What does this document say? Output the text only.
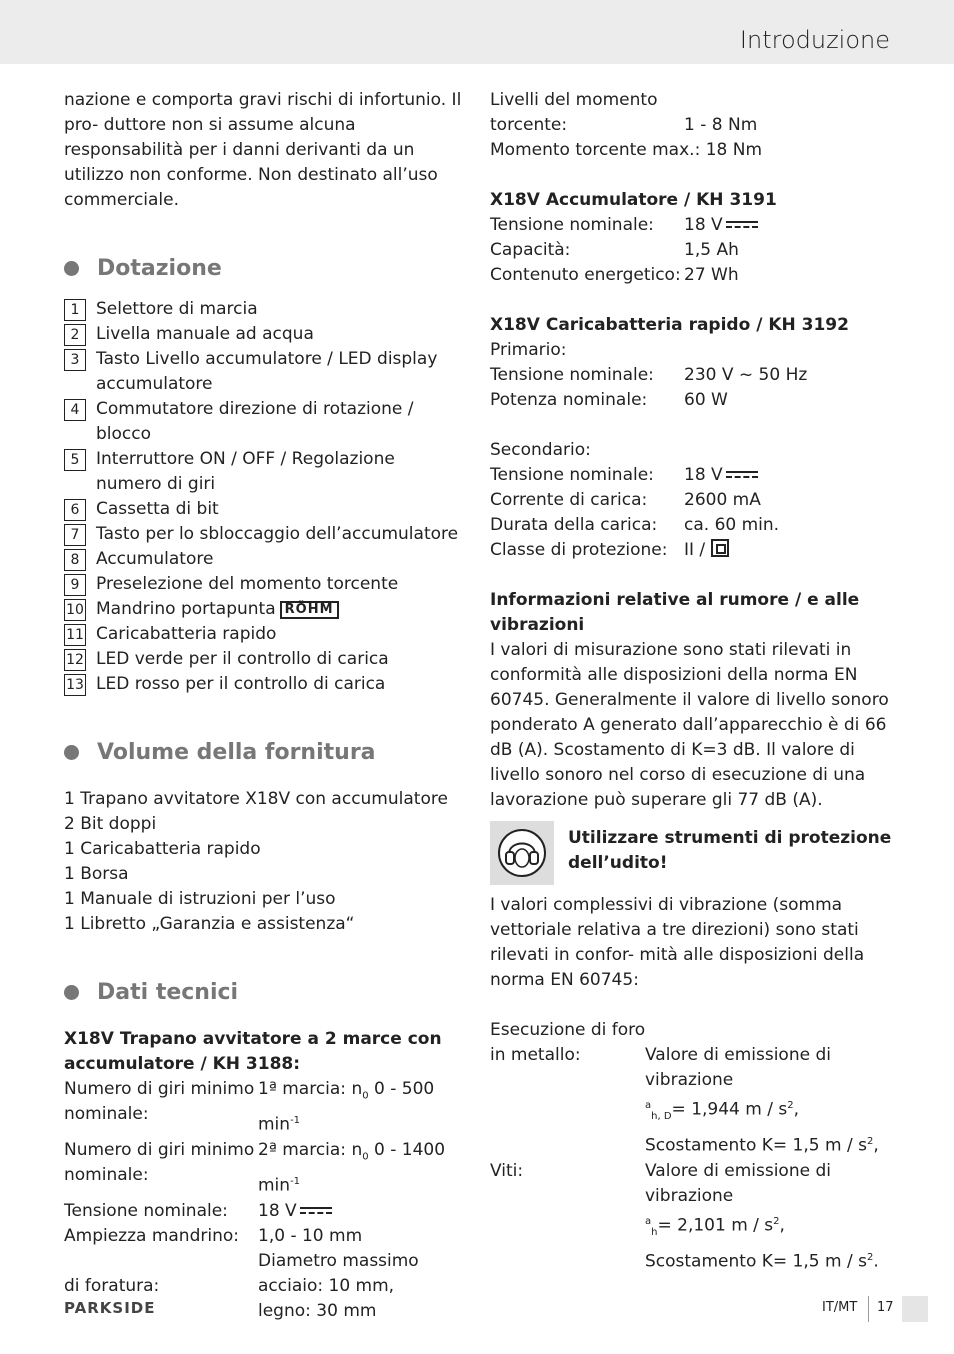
Introduzione

nazione e comporta gravi rischi di infortunio. Il pro- duttore non si assume alcuna responsabilità per i danni derivanti da un utilizzo non conforme. Non destinato all’uso commerciale.

Dotazione
1 Selettore di marcia
2 Livella manuale ad acqua
3 Tasto Livello accumulatore / LED display accumulatore
4 Commutatore direzione di rotazione / blocco
5 Interruttore ON / OFF / Regolazione numero di giri
6 Cassetta di bit
7 Tasto per lo sbloccaggio dell’accumulatore
8 Accumulatore
9 Preselezione del momento torcente
10 Mandrino portapunta RÖHM
11 Caricabatteria rapido
12 LED verde per il controllo di carica
13 LED rosso per il controllo di carica
Volume della fornitura
1 Trapano avvitatore X18V con accumulatore
2 Bit doppi
1 Caricabatteria rapido
1 Borsa
1 Manuale di istruzioni per l’uso
1 Libretto „Garanzia e assistenza“
Dati tecnici
X18V Trapano avvitatore a 2 marce con accumulatore / KH 3188:
Numero di giri minimo nominale:
1ª marcia: $n_0$ 0 - 500 $\min^{-1}$
Numero di giri minimo nominale:
2ª marcia: $n_0$ 0 - 1400 $\min^{-1}$
Tensione nominale:	18 V
Ampiezza mandrino:	1,0 - 10 mm
Diametro massimo
di foratura:	acciaio: 10 mm,
legno: 30 mm
Livelli del momento
torcente:	1 - 8 Nm
Momento torcente max.: 18 Nm
X18V Accumulatore / KH 3191
Tensione nominale:	18 V
Capacità:	1,5 Ah
Contenuto energetico: 27 Wh
X18V Caricabatteria rapido / KH 3192
Primario:
Tensione nominale:	230 V ~ 50 Hz
Potenza nominale:	60 W
Secondario:
Tensione nominale:	18 V
Corrente di carica:	2600 mA
Durata della carica:	ca. 60 min.
Classe di protezione: II /
Informazioni relative al rumore / e alle vibrazioni
I valori di misurazione sono stati rilevati in conformità alle disposizioni della norma EN 60745. Generalmente il valore di livello sonoro ponderato A generato dall’apparecchio è di 66 dB (A). Scostamento di K=3 dB. Il valore di livello sonoro nel corso di esecuzione di una lavorazione può superare gli 77 dB (A).
Utilizzare strumenti di protezione dell’udito!
I valori complessivi di vibrazione (somma vettoriale relativa a tre direzioni) sono stati rilevati in confor- mità alle disposizioni della norma EN 60745:
Esecuzione di foro
in metallo:	Valore di emissione di vibrazione
$^a_{h, D}$= 1,944 m / $s^2$,
Scostamento K= 1,5 m / $s^2$,
Viti:	Valore di emissione di vibrazione
$^a_h$= 2,101 m / $s^2$,
Scostamento K= 1,5 m / $s^2$.
PARKSIDE	IT/MT 17
